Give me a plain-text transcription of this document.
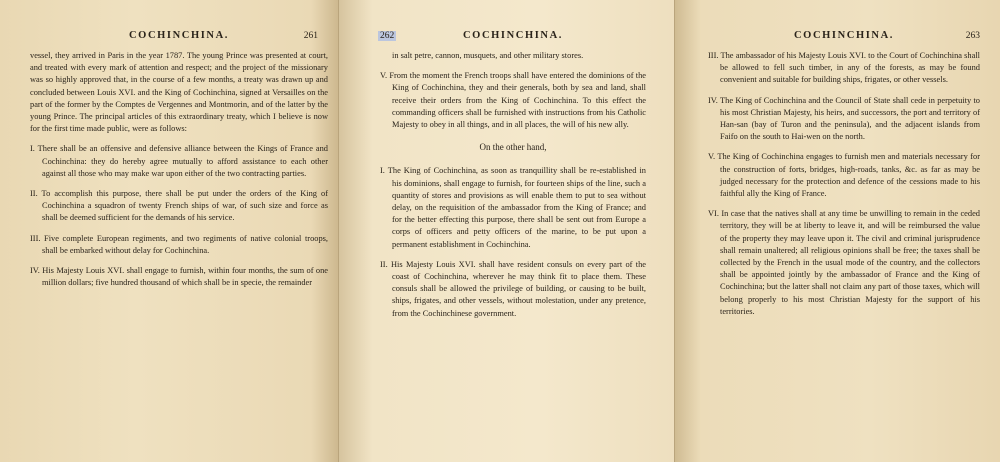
COCHINCHINA.	261

vessel, they arrived in Paris in the year 1787. The young Prince was presented at court, and treated with every mark of attention and respect; and the project of the missionary was so highly approved that, in the course of a few months, a treaty was drawn up and concluded between Louis XVI. and the King of Cochinchina, signed at Versailles on the part of the former by the Comptes de Vergennes and Montmorin, and of the latter by the young Prince. The principal articles of this extraordinary treaty, which I believe is now for the first time made public, were as follows:

I. There shall be an offensive and defensive alliance between the Kings of France and Cochinchina: they do hereby agree mutually to afford assistance to each other against all those who may make war upon either of the two contracting parties.

II. To accomplish this purpose, there shall be put under the orders of the King of Cochinchina a squadron of twenty French ships of war, of such size and force as shall be deemed sufficient for the demands of his service.

III. Five complete European regiments, and two regiments of native colonial troops, shall be embarked without delay for Cochinchina.

IV. His Majesty Louis XVI. shall engage to furnish, within four months, the sum of one million dollars; five hundred thousand of which shall be in specie, the remainder

262	COCHINCHINA.

in salt petre, cannon, musquets, and other military stores.

V. From the moment the French troops shall have entered the dominions of the King of Cochinchina, they and their generals, both by sea and land, shall receive their orders from the King of Cochinchina. To this effect the commanding officers shall be furnished with instructions from his Catholic Majesty to obey in all things, and in all places, the will of his new ally.

On the other hand,

I. The King of Cochinchina, as soon as tranquillity shall be re-established in his dominions, shall engage to furnish, for fourteen ships of the line, such a quantity of stores and provisions as will enable them to put to sea without delay, on the requisition of the ambassador from the King of France; and for the better effecting this purpose, there shall be sent out from Europe a corps of officers and petty officers of the marine, to be put upon a permanent establishment in Cochinchina.

II. His Majesty Louis XVI. shall have resident consuls on every part of the coast of Cochinchina, wherever he may think fit to place them. These consuls shall be allowed the privilege of building, or causing to be built, ships, frigates, and other vessels, without molestation, under any pretence, from the Cochinchinese government.

COCHINCHINA.	263

III. The ambassador of his Majesty Louis XVI. to the Court of Cochinchina shall be allowed to fell such timber, in any of the forests, as may be found convenient and suitable for building ships, frigates, or other vessels.

IV. The King of Cochinchina and the Council of State shall cede in perpetuity to his most Christian Majesty, his heirs, and successors, the port and territory of Han-san (bay of Turon and the peninsula), and the adjacent islands from Faifo on the south to Hai-wen on the north.

V. The King of Cochinchina engages to furnish men and materials necessary for the construction of forts, bridges, high-roads, tanks, &c. as far as may be judged necessary for the protection and defence of the cessions made to his faithful ally the King of France.

VI. In case that the natives shall at any time be unwilling to remain in the ceded territory, they will be at liberty to leave it, and will be reimbursed the value of the property they may leave upon it. The civil and criminal jurisprudence shall remain unaltered; all religious opinions shall be free; the taxes shall be collected by the French in the usual mode of the country, and the collectors shall be appointed jointly by the ambassador of France and the King of Cochinchina; but the latter shall not claim any part of those taxes, which will belong properly to his most Christian Majesty for the support of his territories.
